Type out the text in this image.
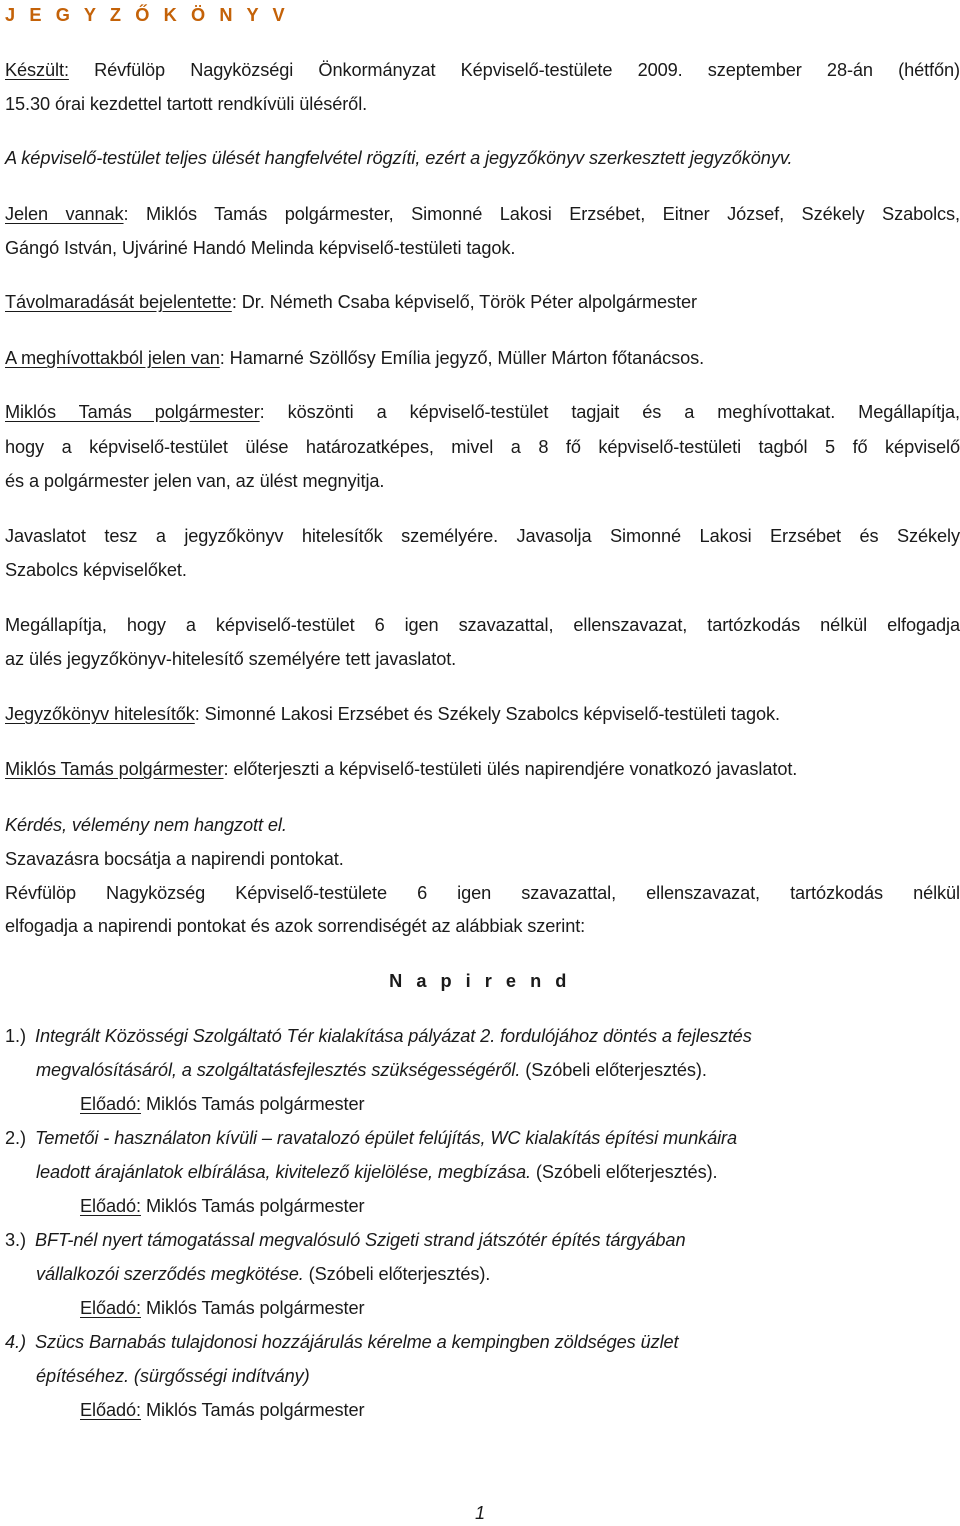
J E G Y Z Ő K Ö N Y V

Készült: Révfülöp Nagyközségi Önkormányzat Képviselő-testülete 2009. szeptember 28-án (hétfőn)

15.30 órai kezdettel tartott rendkívüli üléséről.

A képviselő-testület teljes ülését hangfelvétel rögzíti, ezért a jegyzőkönyv szerkesztett jegyzőkönyv.

Jelen vannak: Miklós Tamás polgármester, Simonné Lakosi Erzsébet, Eitner József, Székely Szabolcs,

Gángó István, Ujváriné Handó Melinda képviselő-testületi tagok.

Távolmaradását bejelentette: Dr. Németh Csaba képviselő, Török Péter alpolgármester

A meghívottakból jelen van: Hamarné Szöllősy Emília jegyző, Müller Márton főtanácsos.

Miklós Tamás polgármester: köszönti a képviselő-testület tagjait és a meghívottakat. Megállapítja,

hogy a képviselő-testület ülése határozatképes, mivel a 8 fő képviselő-testületi tagból 5 fő képviselő

és a polgármester jelen van, az ülést megnyitja.

Javaslatot tesz a jegyzőkönyv hitelesítők személyére. Javasolja Simonné Lakosi Erzsébet és Székely

Szabolcs képviselőket.

Megállapítja, hogy a képviselő-testület 6 igen szavazattal, ellenszavazat, tartózkodás nélkül elfogadja

az ülés jegyzőkönyv-hitelesítő személyére tett javaslatot.

Jegyzőkönyv hitelesítők: Simonné Lakosi Erzsébet és Székely Szabolcs képviselő-testületi tagok.

Miklós Tamás polgármester: előterjeszti a képviselő-testületi ülés napirendjére vonatkozó javaslatot.

Kérdés, vélemény nem hangzott el.

Szavazásra bocsátja a napirendi pontokat.

Révfülöp Nagyközség Képviselő-testülete 6 igen szavazattal, ellenszavazat, tartózkodás nélkül

elfogadja a napirendi pontokat és azok sorrendiségét az alábbiak szerint:

N a p i r e n d

1.) Integrált Közösségi Szolgáltató Tér kialakítása pályázat 2. fordulójához döntés a fejlesztés
megvalósításáról, a szolgáltatásfejlesztés szükségességéről. (Szóbeli előterjesztés).
Előadó: Miklós Tamás polgármester
2.) Temetői - használaton kívüli – ravatalozó épület felújítás, WC kialakítás építési munkáira
leadott árajánlatok elbírálása, kivitelező kijelölése, megbízása. (Szóbeli előterjesztés).
Előadó: Miklós Tamás polgármester
3.) BFT-nél nyert támogatással megvalósuló Szigeti strand játszótér építés tárgyában
vállalkozói szerződés megkötése. (Szóbeli előterjesztés).
Előadó: Miklós Tamás polgármester
4.) Szücs Barnabás tulajdonosi hozzájárulás kérelme a kempingben zöldséges üzlet
építéséhez. (sürgősségi indítvány)
Előadó: Miklós Tamás polgármester
1
